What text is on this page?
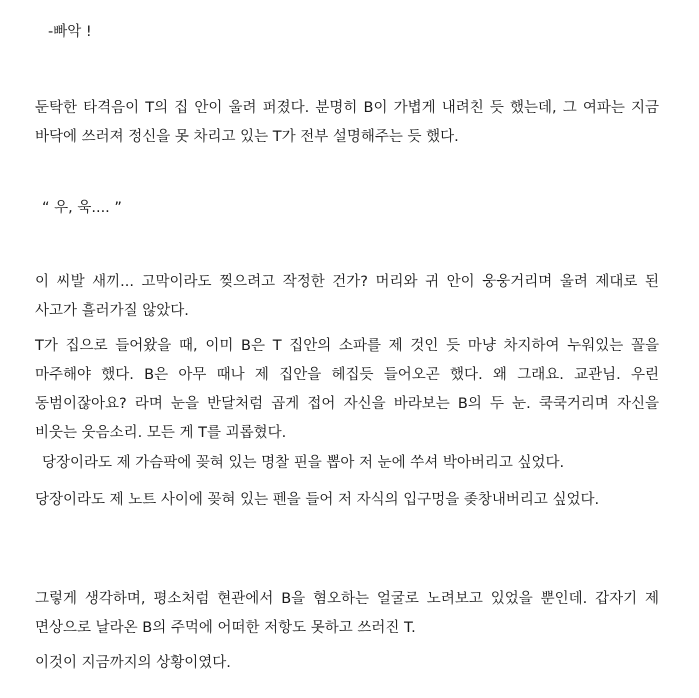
-빠악 !

둔탁한 타격음이 T의 집 안이 울려 퍼졌다. 분명히 B이 가볍게 내려친 듯 했는데, 그 여파는 지금 바닥에 쓰러져 정신을 못 차리고 있는 T가 전부 설명해주는 듯 했다.

“ 우, 욱.... ”

이 씨발 새끼... 고막이라도 찢으려고 작정한 건가? 머리와 귀 안이 웅웅거리며 울려 제대로 된 사고가 흘러가질 않았다.

T가 집으로 들어왔을 때, 이미 B은 T 집안의 소파를 제 것인 듯 마냥 차지하여 누워있는 꼴을 마주해야 했다. B은 아무 때나 제 집안을 헤집듯 들어오곤 했다. 왜 그래요. 교관님. 우린 동범이잖아요? 라며 눈을 반달처럼 곱게 접어 자신을 바라보는 B의 두 눈. 쿡쿡거리며 자신을 비웃는 웃음소리. 모든 게 T를 괴롭혔다.

당장이라도 제 가슴팍에 꽂혀 있는 명찰 핀을 뽑아 저 눈에 쑤셔 박아버리고 싶었다.

당장이라도 제 노트 사이에 꽂혀 있는 펜을 들어 저 자식의 입구멍을 좆창내버리고 싶었다.

그렇게 생각하며, 평소처럼 현관에서 B을 혐오하는 얼굴로 노려보고 있었을 뿐인데. 갑자기 제 면상으로 날라온 B의 주먹에 어떠한 저항도 못하고 쓰러진 T.

이것이 지금까지의 상황이였다.
